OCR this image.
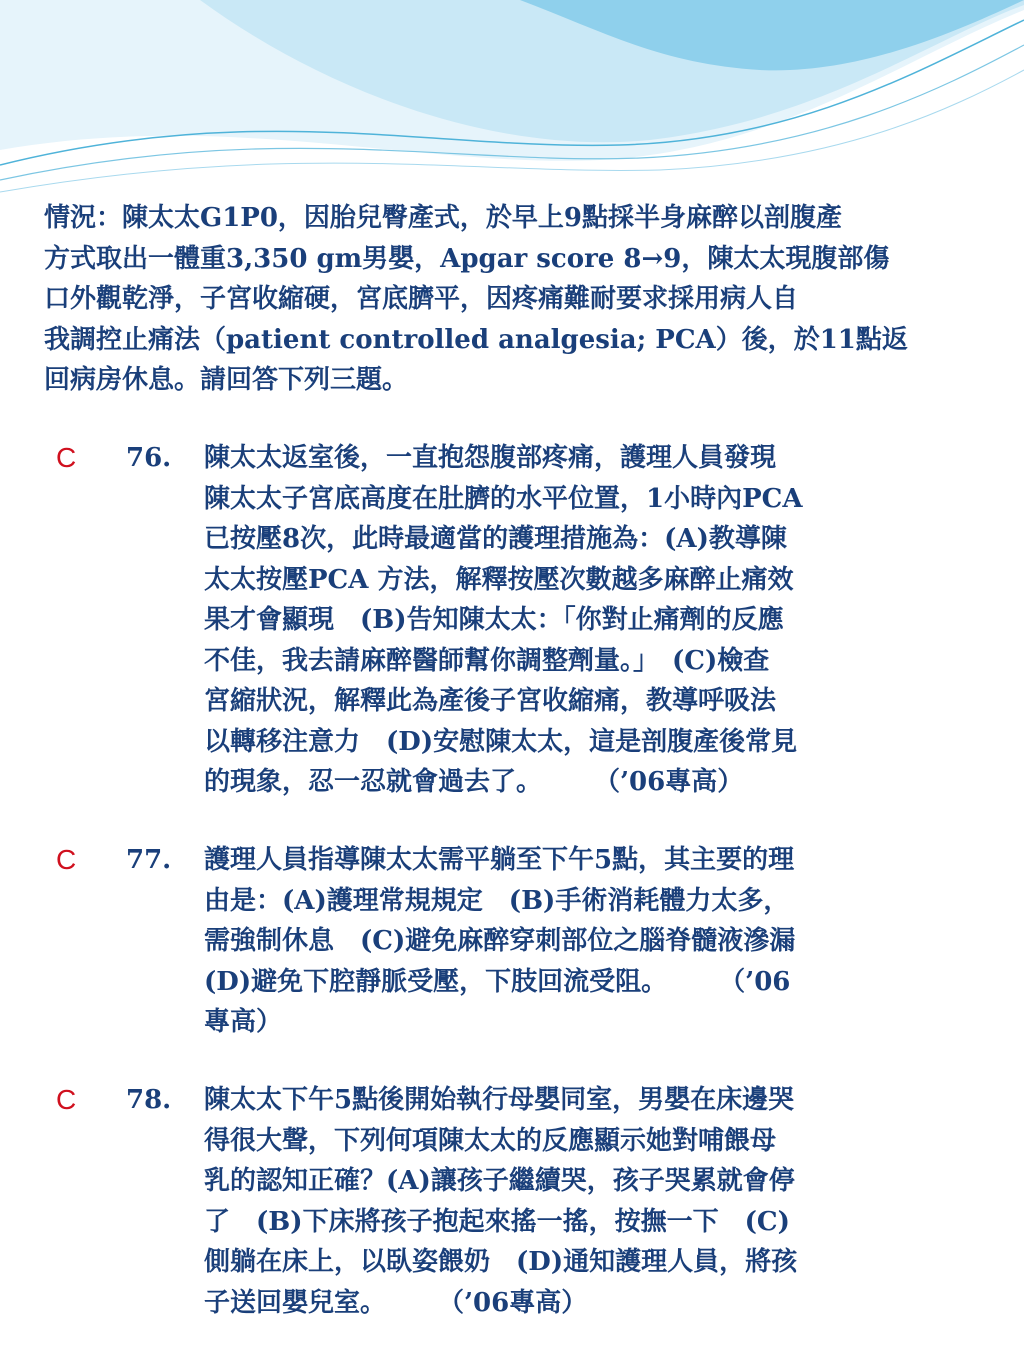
情況：陳太太G1P0，因胎兒臀產式，於早上9點採半身麻醉以剖腹產
方式取出一體重3,350 gm男嬰，Apgar score 8→9，陳太太現腹部傷
口外觀乾淨，子宮收縮硬，宮底臍平，因疼痛難耐要求採用病人自
我調控止痛法（patient controlled analgesia; PCA）後，於11點返
回病房休息。請回答下列三題。
C 76. 陳太太返室後，一直抱怨腹部疼痛，護理人員發現
陳太太子宮底高度在肚臍的水平位置，1小時內PCA
已按壓8次，此時最適當的護理措施為：(A)教導陳
太太按壓PCA 方法，解釋按壓次數越多麻醉止痛效
果才會顯現　(B)告知陳太太：「你對止痛劑的反應
不佳，我去請麻醉醫師幫你調整劑量。」　(C)檢查
宮縮狀況，解釋此為產後子宮收縮痛，教導呼吸法
以轉移注意力　(D)安慰陳太太，這是剖腹產後常見
的現象，忍一忍就會過去了。　　　（’06專高）
C 77. 護理人員指導陳太太需平躺至下午5點，其主要的理
由是：(A)護理常規規定　(B)手術消耗體力太多，
需強制休息　(C)避免麻醉穿刺部位之腦脊髓液滲漏
(D)避免下腔靜脈受壓，下肢回流受阻。　　　（’06
專高）
C 78. 陳太太下午5點後開始執行母嬰同室，男嬰在床邊哭
得很大聲，下列何項陳太太的反應顯示她對哺餵母
乳的認知正確？(A)讓孩子繼續哭，孩子哭累就會停
了　(B)下床將孩子抱起來搖一搖，按撫一下　(C)
側躺在床上，以臥姿餵奶　(D)通知護理人員，將孩
子送回嬰兒室。　　　（’06專高）
